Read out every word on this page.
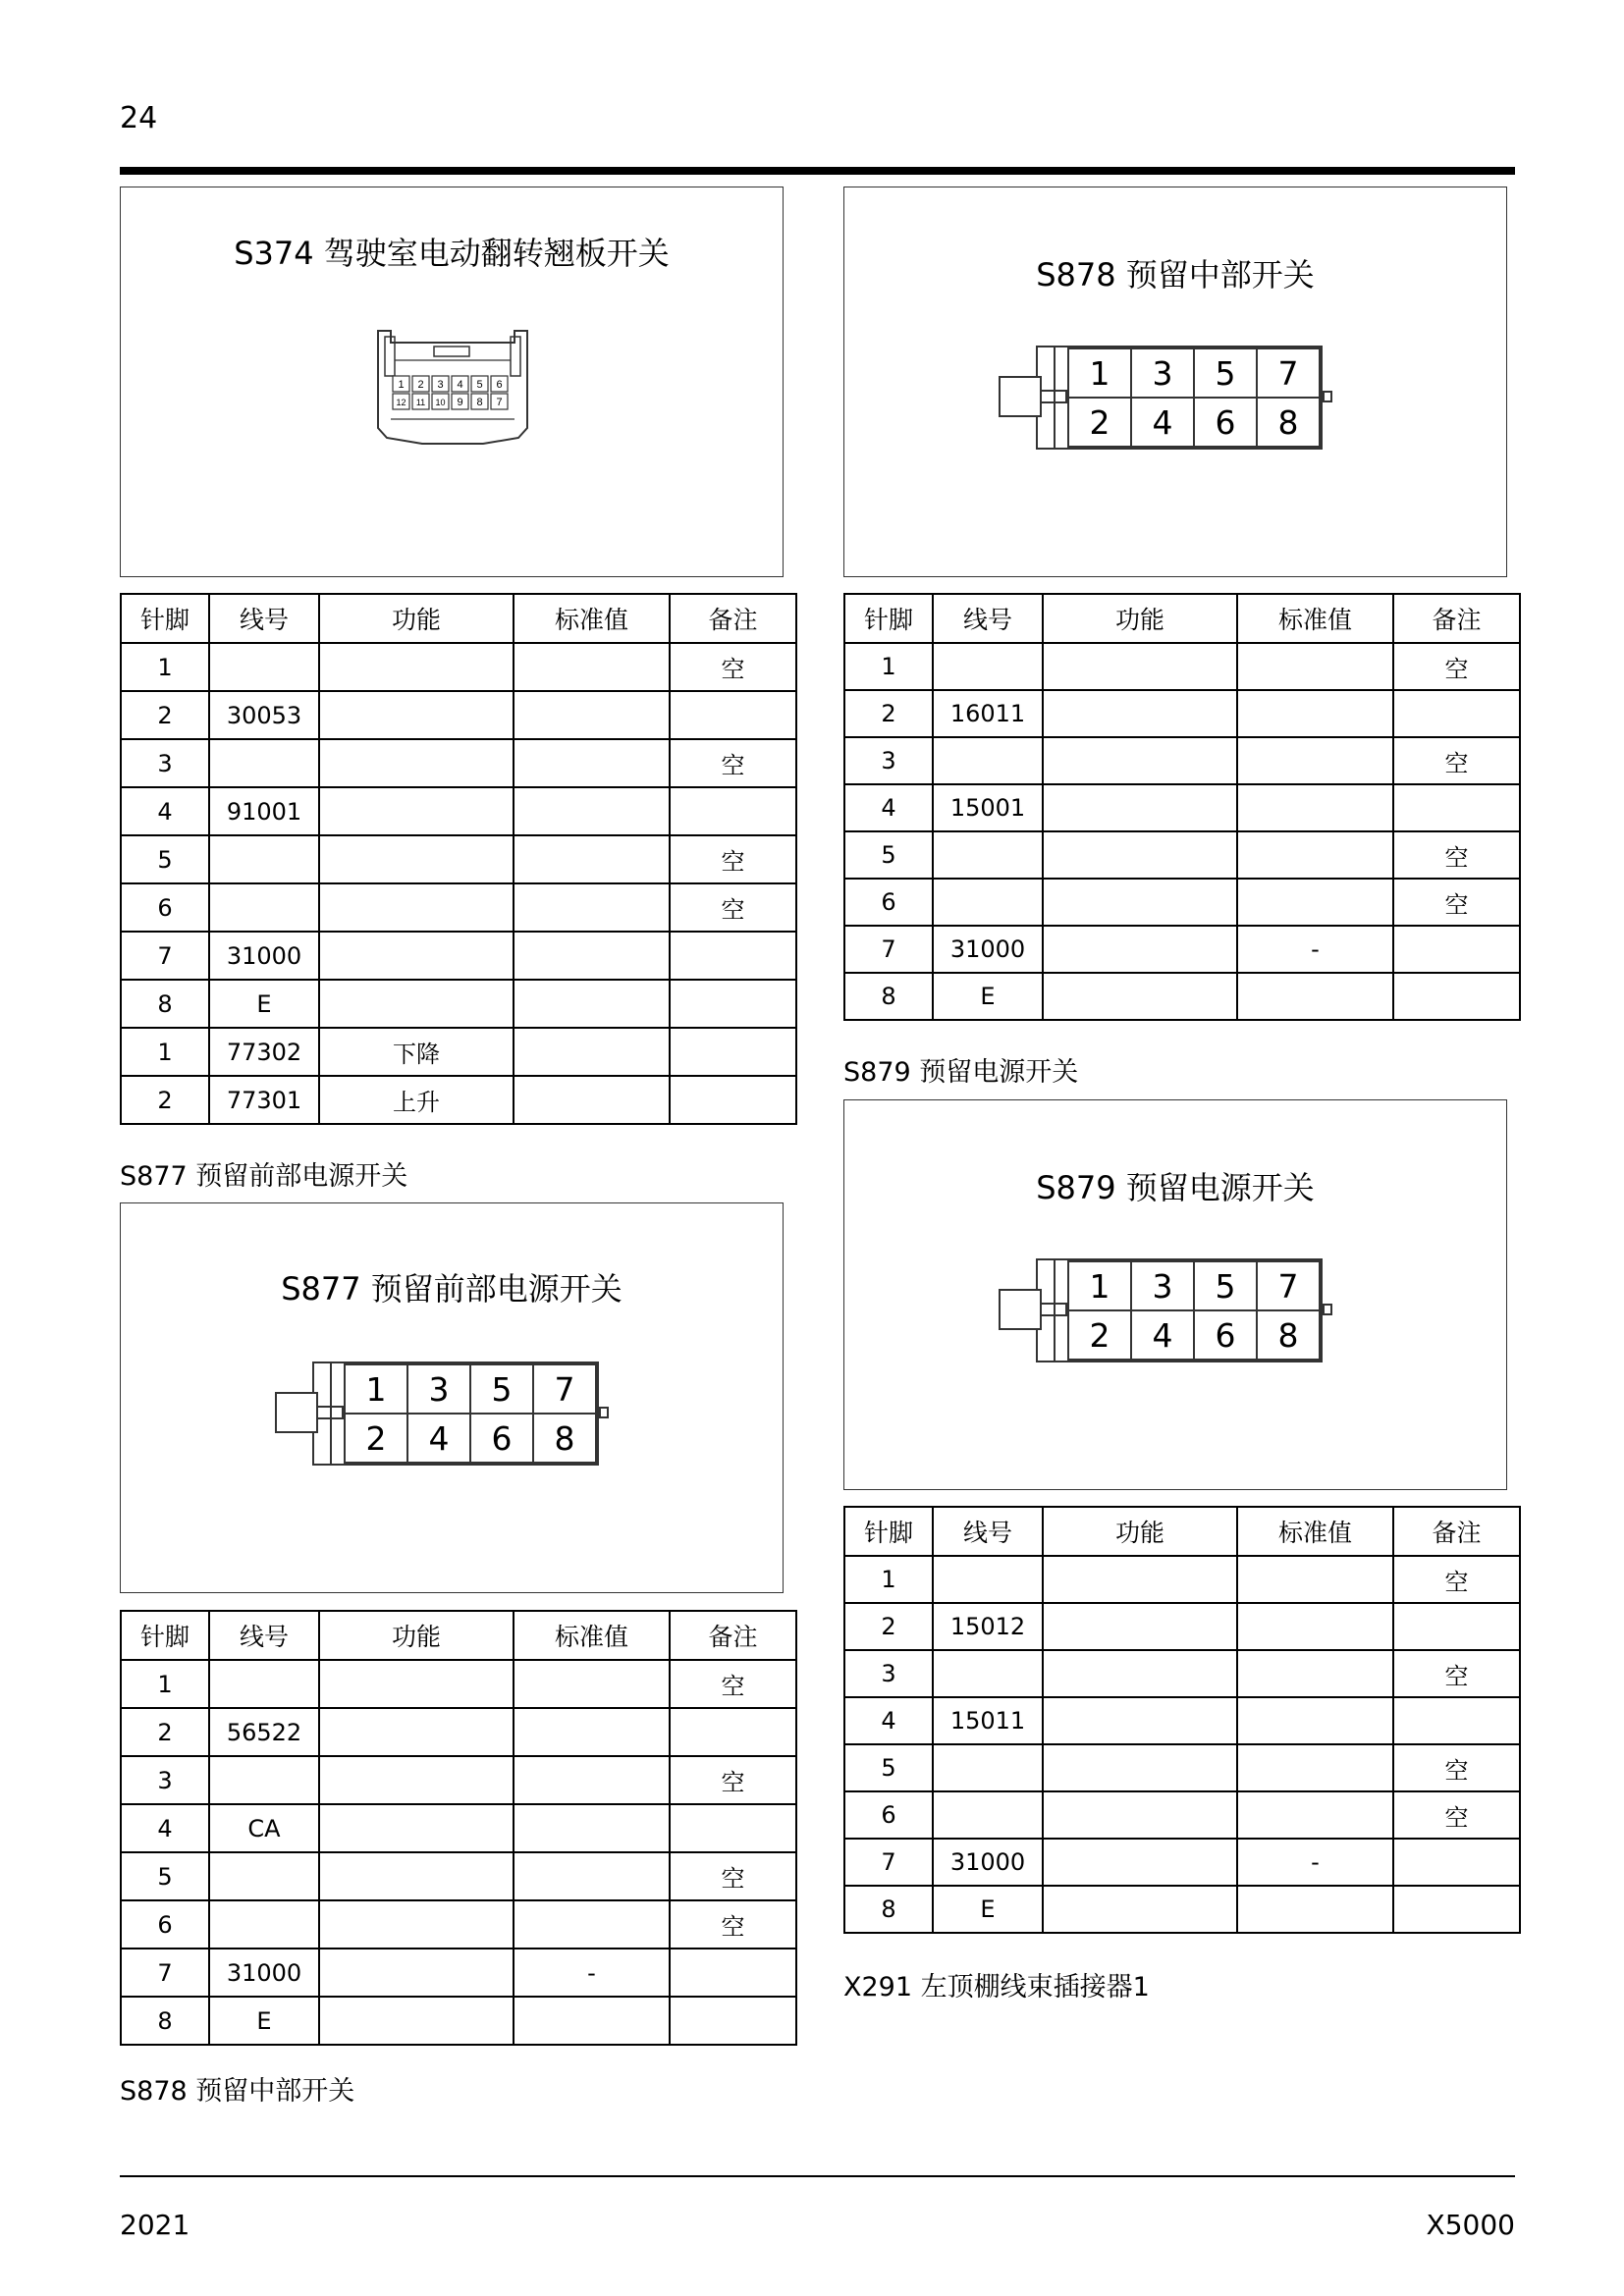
24
S374 驾驶室电动翻转翘板开关
1 2 3 4 5 6
12 11 10 9 8 7
针脚	线号	功能	标准值	备注
1				空
2	30053			
3				空
4	91001			
5				空
6				空
7	31000			
8	E			
1	77302	下降		
2	77301	上升		
S877 预留前部电源开关
S877 预留前部电源开关
1	3	5	7
2	4	6	8
针脚	线号	功能	标准值	备注
1				空
2	56522			
3				空
4	CA			
5				空
6				空
7	31000		-	
8	E			
S878 预留中部开关
S878 预留中部开关
1	3	5	7
2	4	6	8
针脚	线号	功能	标准值	备注
1				空
2	16011			
3				空
4	15001			
5				空
6				空
7	31000		-	
8	E			
S879 预留电源开关
S879 预留电源开关
1	3	5	7
2	4	6	8
针脚	线号	功能	标准值	备注
1				空
2	15012			
3				空
4	15011			
5				空
6				空
7	31000		-	
8	E			
X291 左顶棚线束插接器1
2021	X5000
